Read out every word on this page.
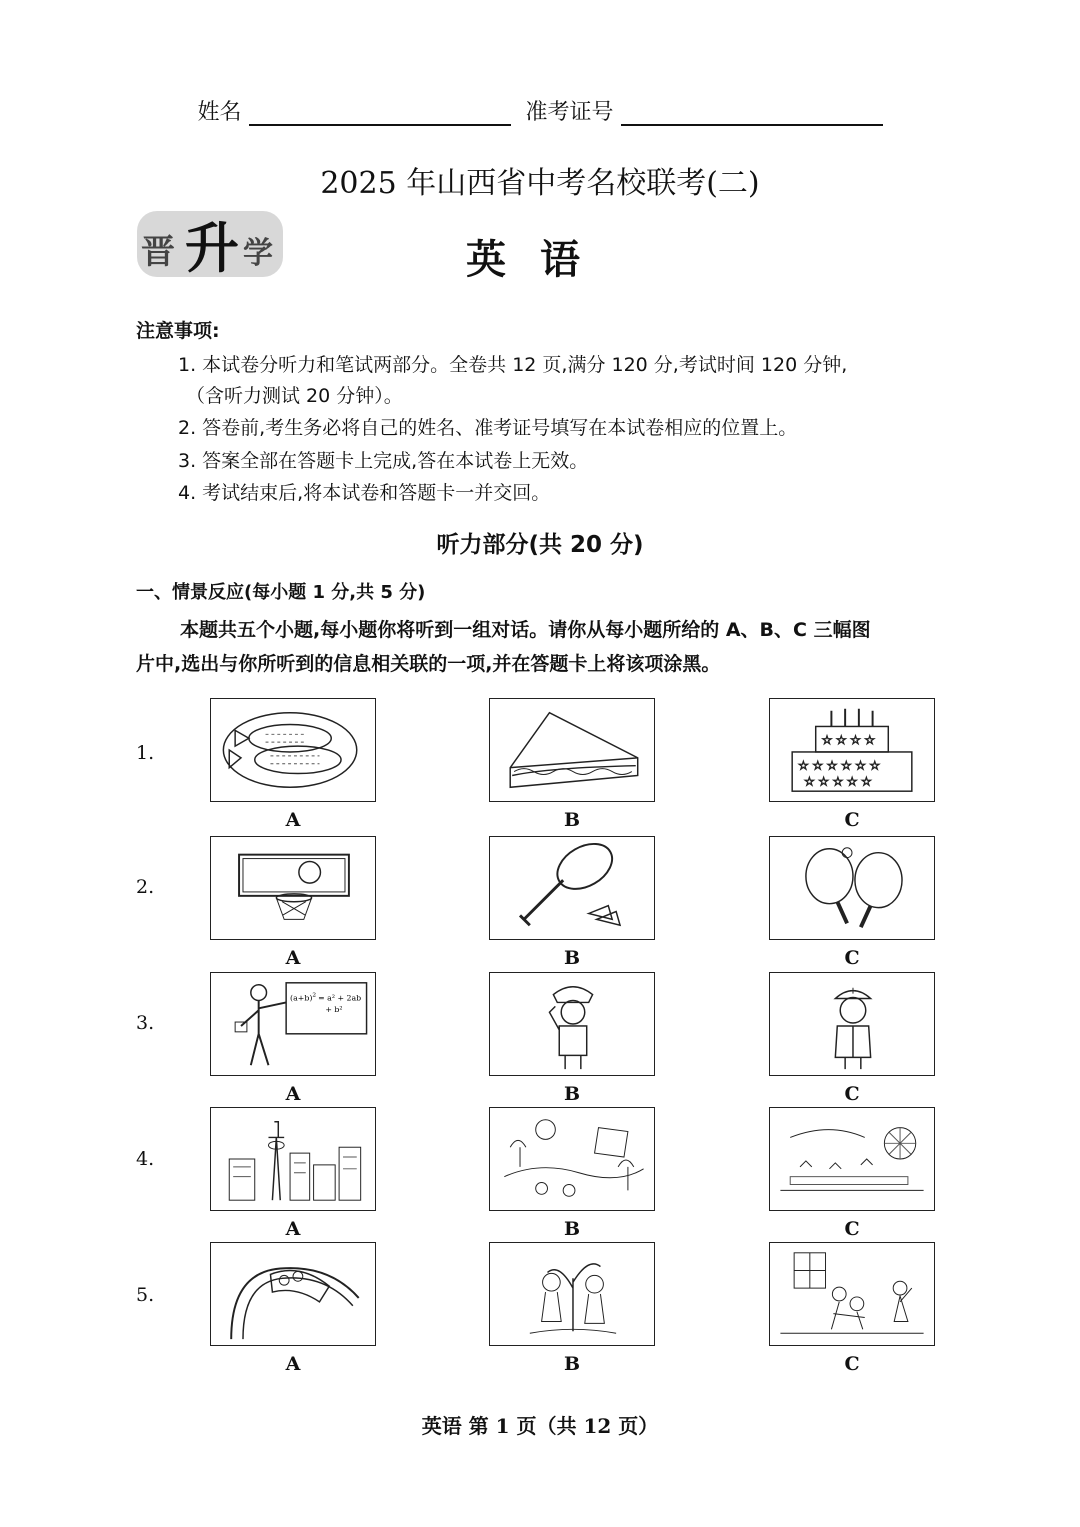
姓名	准考证号
2025 年山西省中考名校联考(二)
晋 升 学	英语
注意事项:
1. 本试卷分听力和笔试两部分。全卷共 12 页,满分 120 分,考试时间 120 分钟,
（含听力测试 20 分钟）。
2. 答卷前,考生务必将自己的姓名、准考证号填写在本试卷相应的位置上。
3. 答案全部在答题卡上完成,答在本试卷上无效。
4. 考试结束后,将本试卷和答题卡一并交回。
听力部分(共 20 分)
一、情景反应(每小题 1 分,共 5 分)
本题共五个小题,每小题你将听到一组对话。请你从每小题所给的 A、B、C 三幅图
片中,选出与你所听到的信息相关联的一项,并在答题卡上将该项涂黑。
1.
☆ ☆ ☆ ☆
☆ ☆ ☆ ☆ ☆ ☆
☆ ☆ ☆ ☆ ☆
A	B	C
2.
A	B	C
3.
$(a+b)^2 = a^2 + 2ab$
+ b²
A	B	C
4.
A	B	C
5.
A	B	C
英语 第 1 页（共 12 页）
